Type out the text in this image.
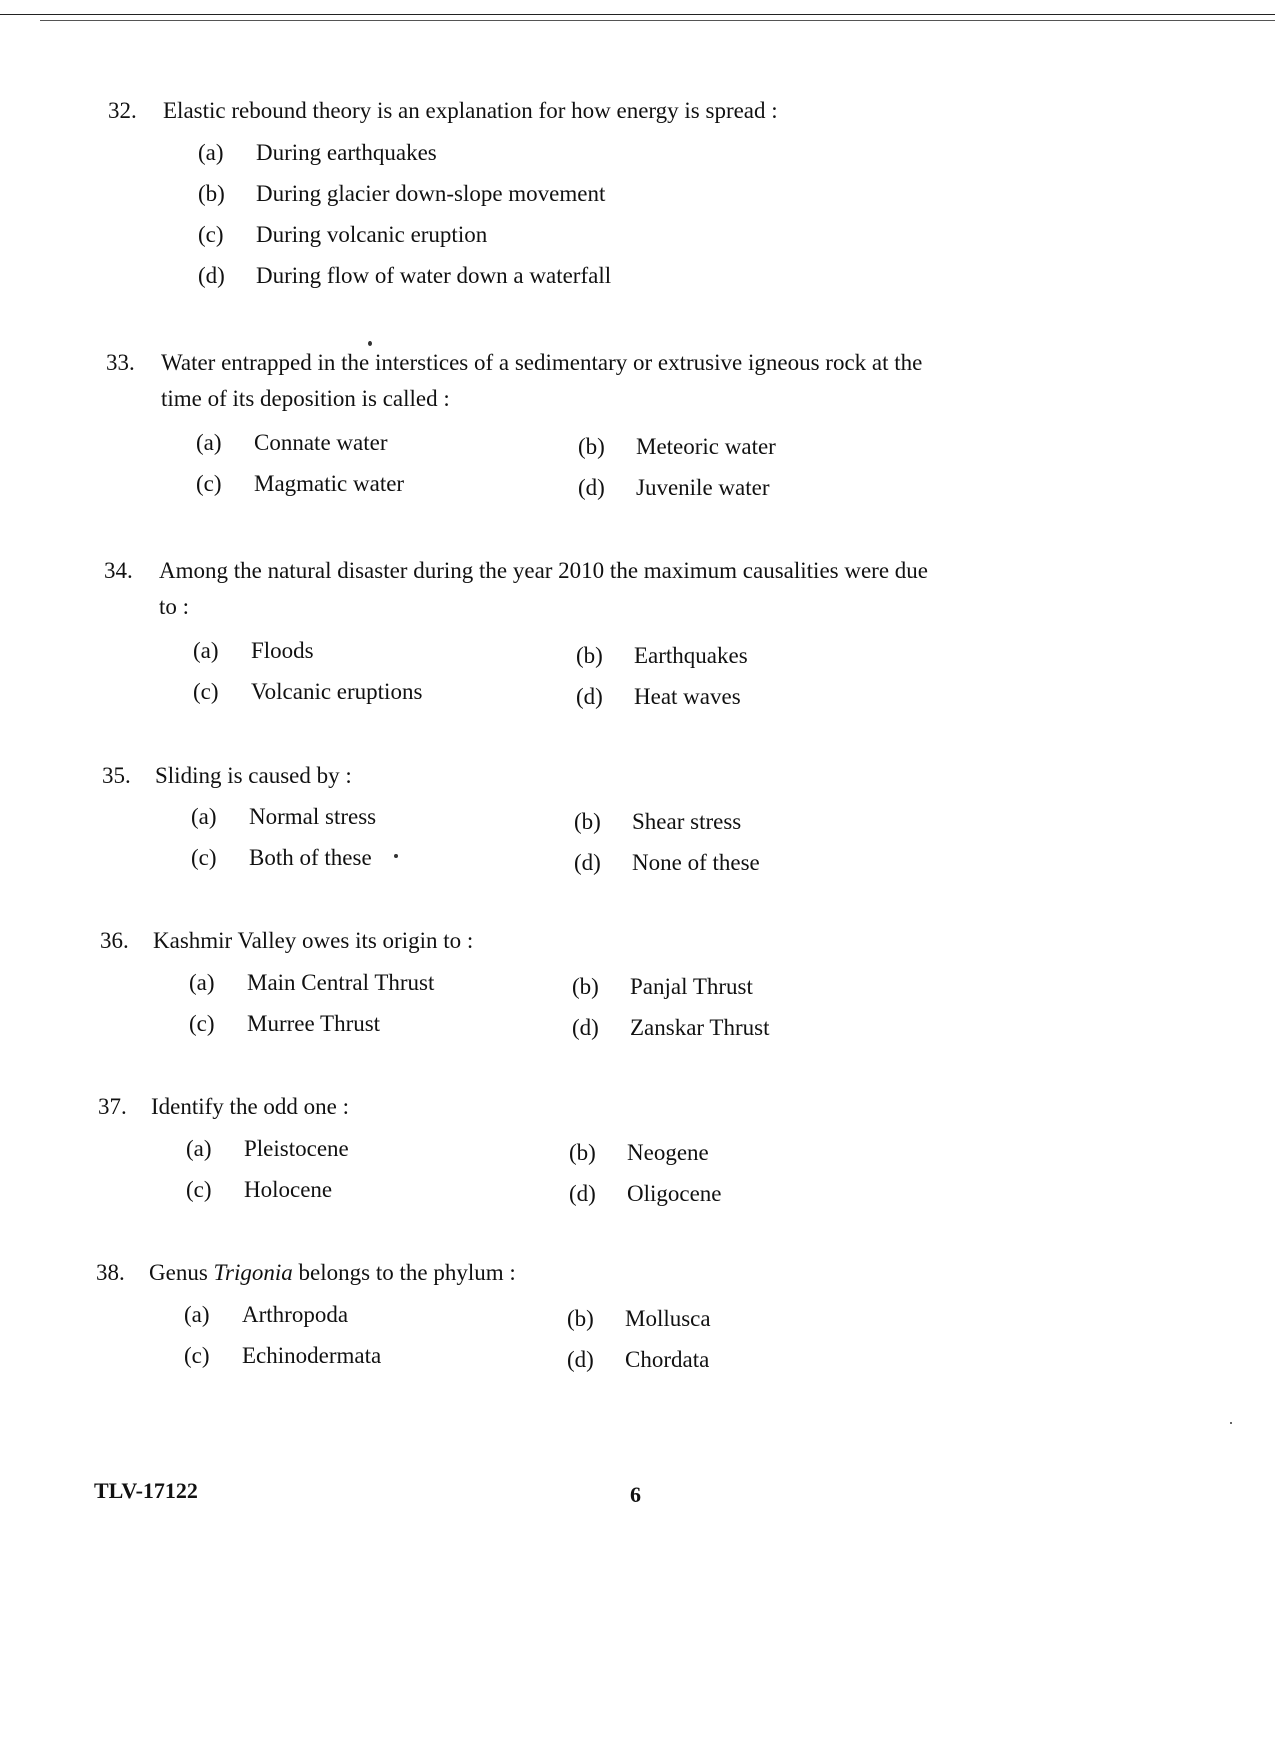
32. Elastic rebound theory is an explanation for how energy is spread :
(a) During earthquakes
(b) During glacier down-slope movement
(c) During volcanic eruption
(d) During flow of water down a waterfall
33. Water entrapped in the interstices of a sedimentary or extrusive igneous rock at the
time of its deposition is called :
(a) Connate water	(b) Meteoric water
(c) Magmatic water	(d) Juvenile water
34. Among the natural disaster during the year 2010 the maximum causalities were due
to :
(a) Floods	(b) Earthquakes
(c) Volcanic eruptions	(d) Heat waves
35. Sliding is caused by :
(a) Normal stress	(b) Shear stress
(c) Both of these	(d) None of these
36. Kashmir Valley owes its origin to :
(a) Main Central Thrust	(b) Panjal Thrust
(c) Murree Thrust	(d) Zanskar Thrust
37. Identify the odd one :
(a) Pleistocene	(b) Neogene
(c) Holocene	(d) Oligocene
38. Genus Trigonia belongs to the phylum :
(a) Arthropoda	(b) Mollusca
(c) Echinodermata	(d) Chordata
TLV-17122	6
